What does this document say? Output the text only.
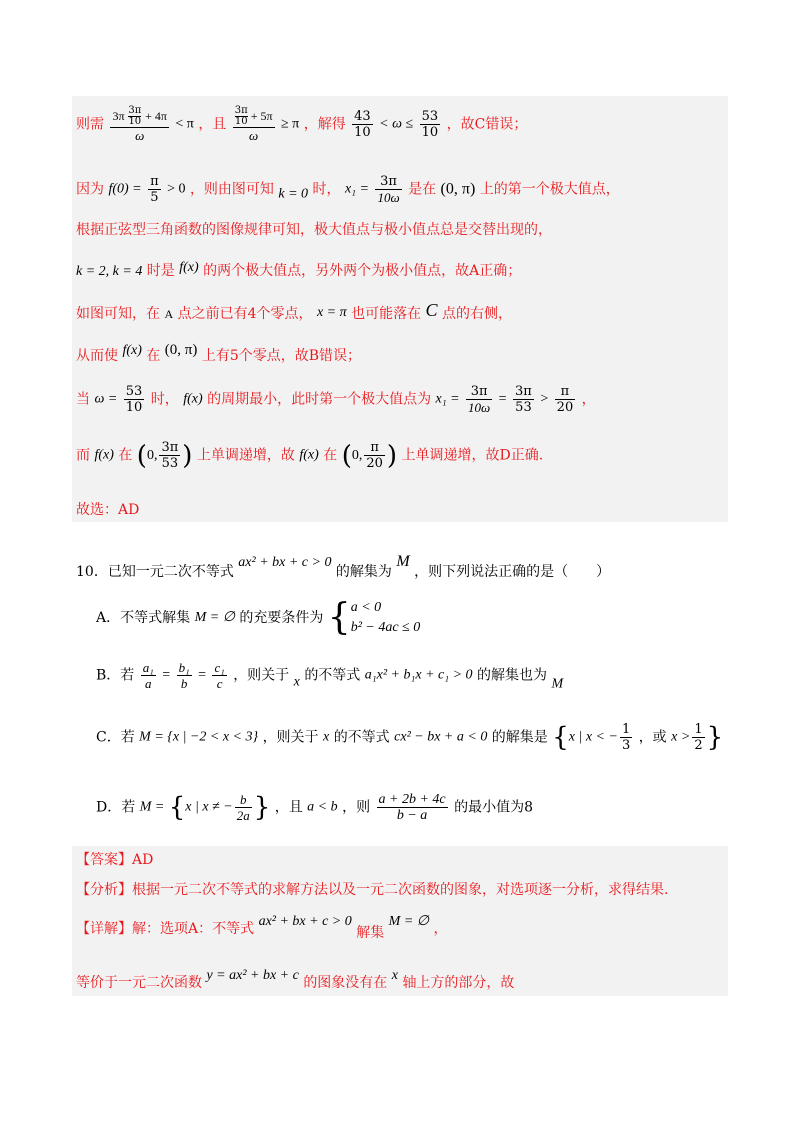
则需 $\frac{3\pi \frac{3\pi}{10} + 4\pi}{\omega} < \pi$ ，且 $\frac{\frac{3\pi}{10} + 5\pi}{\omega} \ge \pi$ ，解得 $\frac{43}{10} < \omega \le \frac{53}{10}$ ，故C错误；
因为 $f(0) = \frac{\pi}{5} > 0$ ，则由图可知 k = 0 时， $x_1 = \frac{3\pi}{10\omega}$ 是在 (0, π) 上的第一个极大值点，
根据正弦型三角函数的图像规律可知，极大值点与极小值点总是交替出现的，
k = 2, k = 4 时是 f(x) 的两个极大值点，另外两个为极小值点，故A正确；
如图可知，在 A 点之前已有4个零点， x = π 也可能落在 C 点的右侧，
从而使 f(x) 在 (0, π) 上有5个零点，故B错误；
当 $\omega = \frac{53}{10}$ 时， f(x) 的周期最小，此时第一个极大值点为 $x_1 = \frac{3\pi}{10\omega} = \frac{3\pi}{53} > \frac{\pi}{20}$ ，
而 f(x) 在 (0, $\frac{3\pi}{53}$ ) 上单调递增，故 f(x) 在 (0, $\frac{\pi}{20}$ ) 上单调递增，故D正确.
故选：AD
10．已知一元二次不等式 ax² + bx + c > 0 的解集为 M ，则下列说法正确的是（　　）
A．不等式解集 M = ∅ 的充要条件为 { a < 0
b² − 4ac ≤ 0
B．若 $\frac{\text{a₁}}{a} = \frac{\text{b₁}}{b} = \frac{\text{c₁}}{c}$ ，则关于 x 的不等式 a₁x² + b₁x + c₁ > 0 的解集也为 M
C．若 M = {x | −2 < x < 3} ，则关于 x 的不等式 cx² − bx + a < 0 的解集是 {x | x < − $\frac{1}{3}$ ，或 $x > \frac{1}{2}$ }
D．若 M = {x | x ≠ − $\frac{b}{2a}$ } ，且 a < b ，则 $\frac{a + 2b + 4c}{b - a}$ 的最小值为8
【答案】AD
【分析】根据一元二次不等式的求解方法以及一元二次函数的图象，对选项逐一分析，求得结果.
【详解】解：选项A：不等式 ax² + bx + c > 0 解集 M = ∅ ，
等价于一元二次函数 y = ax² + bx + c 的图象没有在 x 轴上方的部分，故
